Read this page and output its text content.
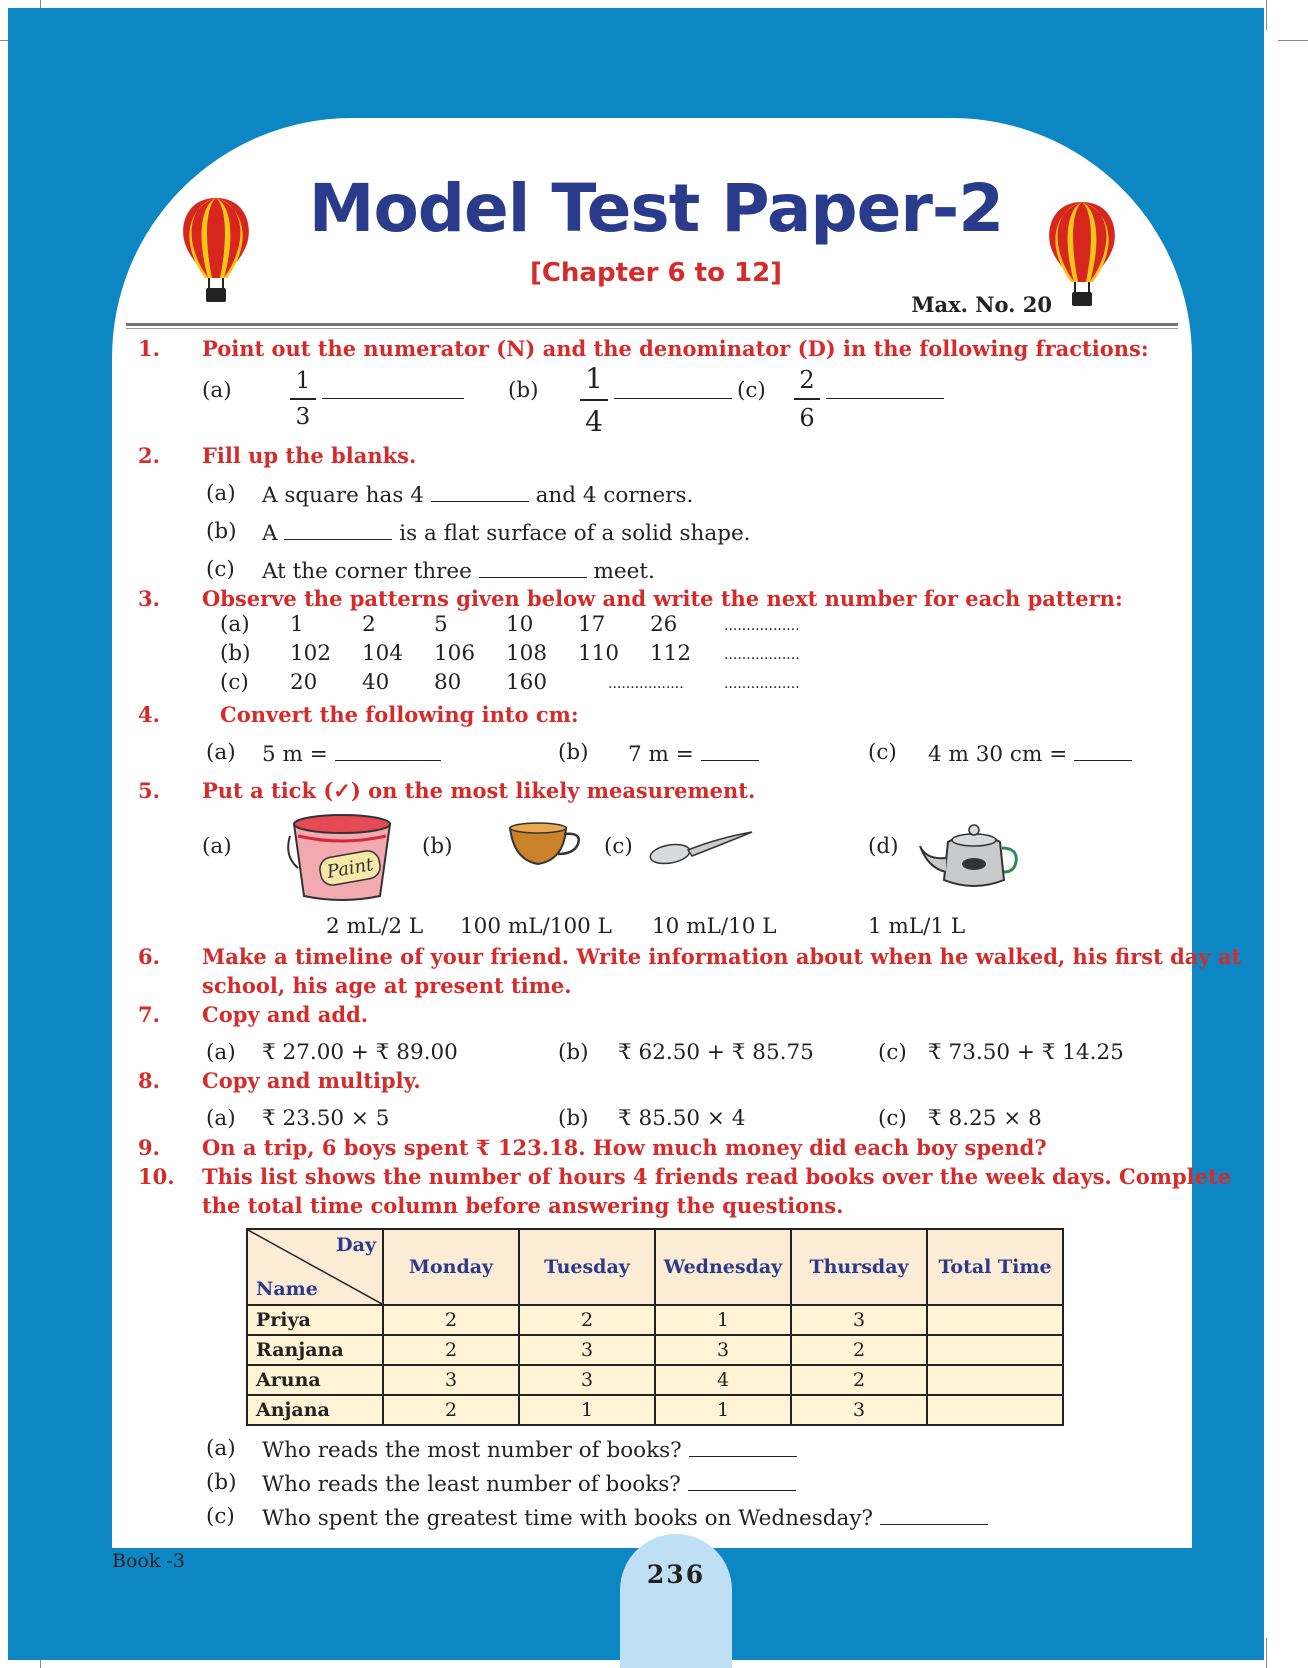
Model Test Paper-2
[Chapter 6 to 12]
Max. No. 20
1. Point out the numerator (N) and the denominator (D) in the following fractions:
(a)	1
3
(b) 1
4
(c) 2
6
2. Fill up the blanks.
(a) A square has 4	and 4 corners.
(b) A	is a flat surface of a solid shape.
(c) At the corner three	meet.
3. Observe the patterns given below and write the next number for each pattern:
(a) 1	2	5	10 17 26	.................
(b) 102 104 106 108 110 112 .................
(c) 20 40 80 160	.................	.................
4.	Convert the following into cm:
(a) 5 m =	(b) 7 m =	(c) 4 m 30 cm =
5. Put a tick (✓) on the most likely measurement.
(a)	(b)	(c)	(d)
Paint
2 mL/2 L 100 mL/100 L 10 mL/10 L	1 mL/1 L
6. Make a timeline of your friend. Write information about when he walked, his first day at
school, his age at present time.
7. Copy and add.
(a) ₹ 27.00 + ₹ 89.00	(b) ₹ 62.50 + ₹ 85.75	(c) ₹ 73.50 + ₹ 14.25
8. Copy and multiply.
(a) ₹ 23.50 × 5	(b) ₹ 85.50 × 4	(c) ₹ 8.25 × 8
9. On a trip, 6 boys spent ₹ 123.18. How much money did each boy spend?
10. This list shows the number of hours 4 friends read books over the week days. Complete
the total time column before answering the questions.
Day
Name	Monday	Tuesday	Wednesday	Thursday	Total Time
Priya	2	2	1	3	
Ranjana	2	3	3	2	
Aruna	3	3	4	2	
Anjana	2	1	1	3	
(a) Who reads the most number of books?
(b) Who reads the least number of books?
(c) Who spent the greatest time with books on Wednesday?
Book -3	236
